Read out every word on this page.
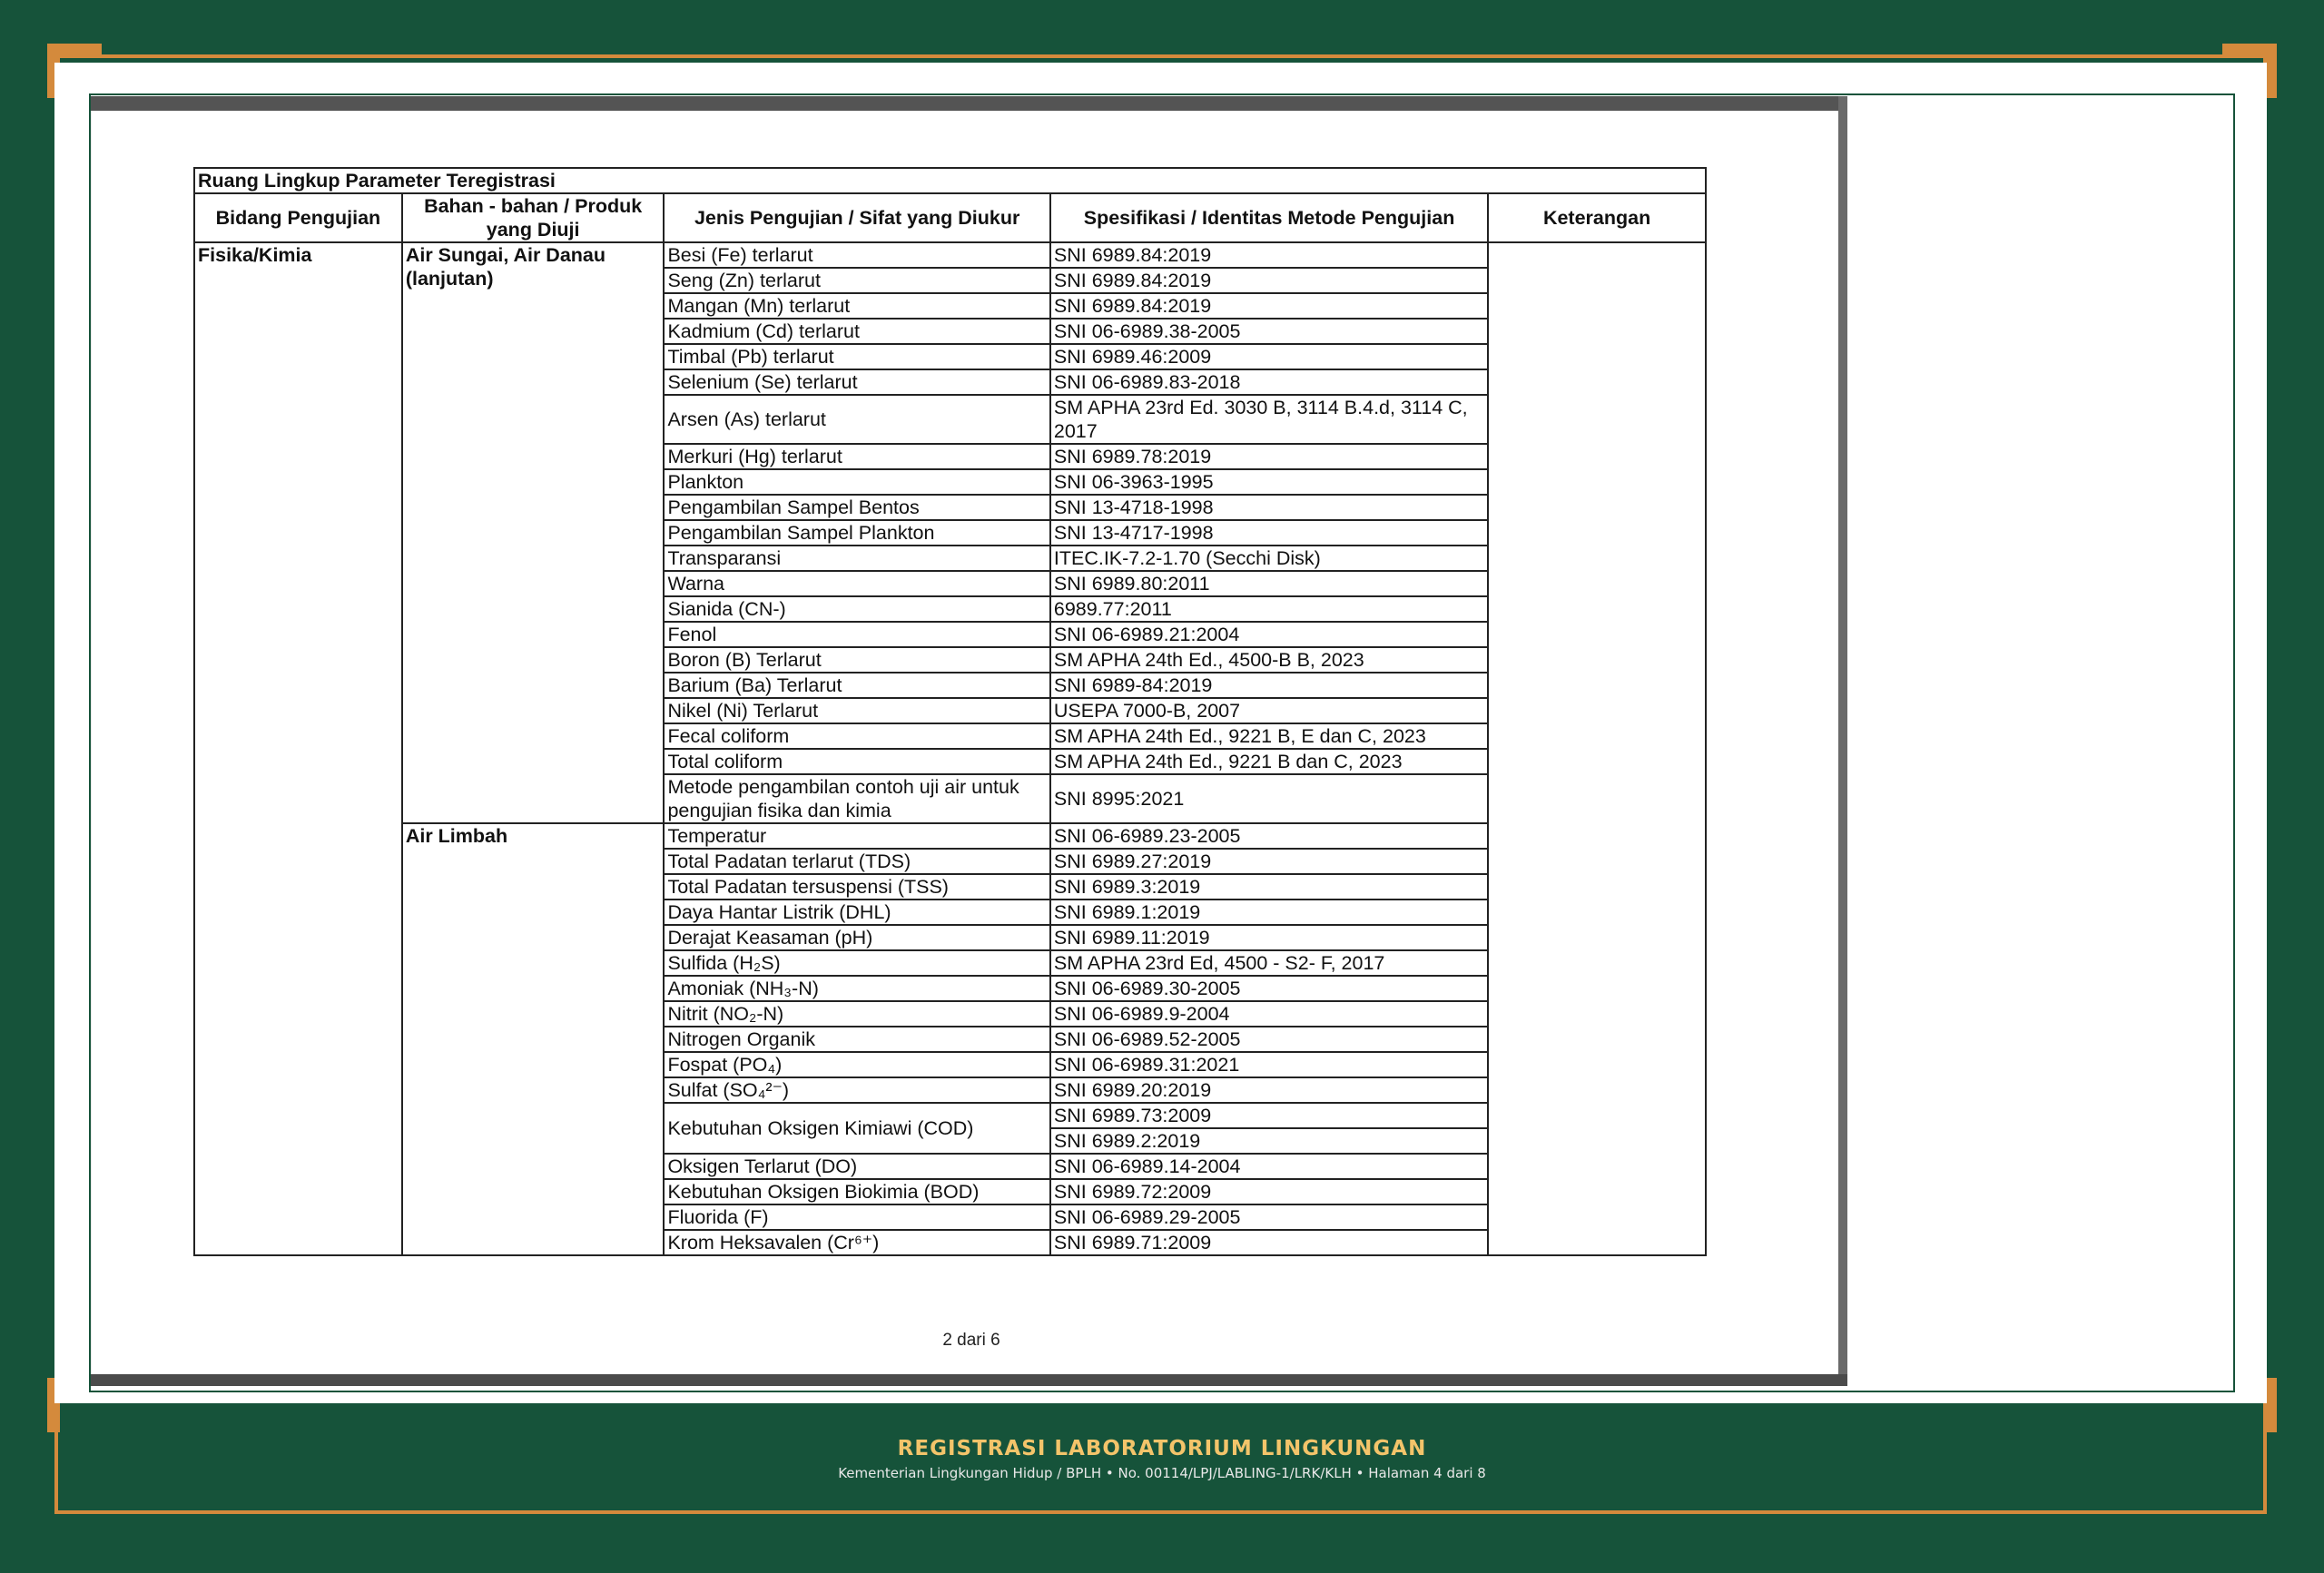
Ruang Lingkup Parameter Teregistrasi				
Bidang Pengujian	Bahan - bahan / Produk yang Diuji	Jenis Pengujian / Sifat yang Diukur	Spesifikasi / Identitas Metode Pengujian	Keterangan
Fisika/Kimia	Air Sungai, Air Danau (lanjutan)	Besi (Fe) terlarut	SNI 6989.84:2019	
		Seng (Zn) terlarut	SNI 6989.84:2019	
		Mangan (Mn) terlarut	SNI 6989.84:2019	
		Kadmium (Cd) terlarut	SNI 06-6989.38-2005	
		Timbal (Pb) terlarut	SNI 6989.46:2009	
		Selenium (Se) terlarut	SNI 06-6989.83-2018	
		Arsen (As) terlarut	SM APHA 23rd Ed. 3030 B, 3114 B.4.d, 3114 C, 2017	
		Merkuri (Hg) terlarut	SNI 6989.78:2019	
		Plankton	SNI 06-3963-1995	
		Pengambilan Sampel Bentos	SNI 13-4718-1998	
		Pengambilan Sampel Plankton	SNI 13-4717-1998	
		Transparansi	ITEC.IK-7.2-1.70 (Secchi Disk)	
		Warna	SNI 6989.80:2011	
		Sianida (CN-)	6989.77:2011	
		Fenol	SNI 06-6989.21:2004	
		Boron (B) Terlarut	SM APHA 24th Ed., 4500-B B, 2023	
		Barium (Ba) Terlarut	SNI 6989-84:2019	
		Nikel (Ni) Terlarut	USEPA 7000-B, 2007	
		Fecal coliform	SM APHA 24th Ed., 9221 B, E dan C, 2023	
		Total coliform	SM APHA 24th Ed., 9221 B dan C, 2023	
		Metode pengambilan contoh uji air untuk pengujian fisika dan kimia	SNI 8995:2021	
	Air Limbah	Temperatur	SNI 06-6989.23-2005	
		Total Padatan terlarut (TDS)	SNI 6989.27:2019	
		Total Padatan tersuspensi (TSS)	SNI 6989.3:2019	
		Daya Hantar Listrik (DHL)	SNI 6989.1:2019	
		Derajat Keasaman (pH)	SNI 6989.11:2019	
		Sulfida (H₂S)	SM APHA 23rd Ed, 4500 - S2- F, 2017	
		Amoniak (NH₃-N)	SNI 06-6989.30-2005	
		Nitrit (NO₂-N)	SNI 06-6989.9-2004	
		Nitrogen Organik	SNI 06-6989.52-2005	
		Fospat (PO₄)	SNI 06-6989.31:2021	
		Sulfat (SO₄²⁻)	SNI 6989.20:2019	
		Kebutuhan Oksigen Kimiawi (COD)	SNI 6989.73:2009	
			SNI 6989.2:2019	
		Oksigen Terlarut (DO)	SNI 06-6989.14-2004	
		Kebutuhan Oksigen Biokimia (BOD)	SNI 6989.72:2009	
		Fluorida (F)	SNI 06-6989.29-2005	
		Krom Heksavalen (Cr⁶⁺)	SNI 6989.71:2009	
2 dari 6
REGISTRASI LABORATORIUM LINGKUNGAN
Kementerian Lingkungan Hidup / BPLH • No. 00114/LPJ/LABLING-1/LRK/KLH • Halaman 4 dari 8
